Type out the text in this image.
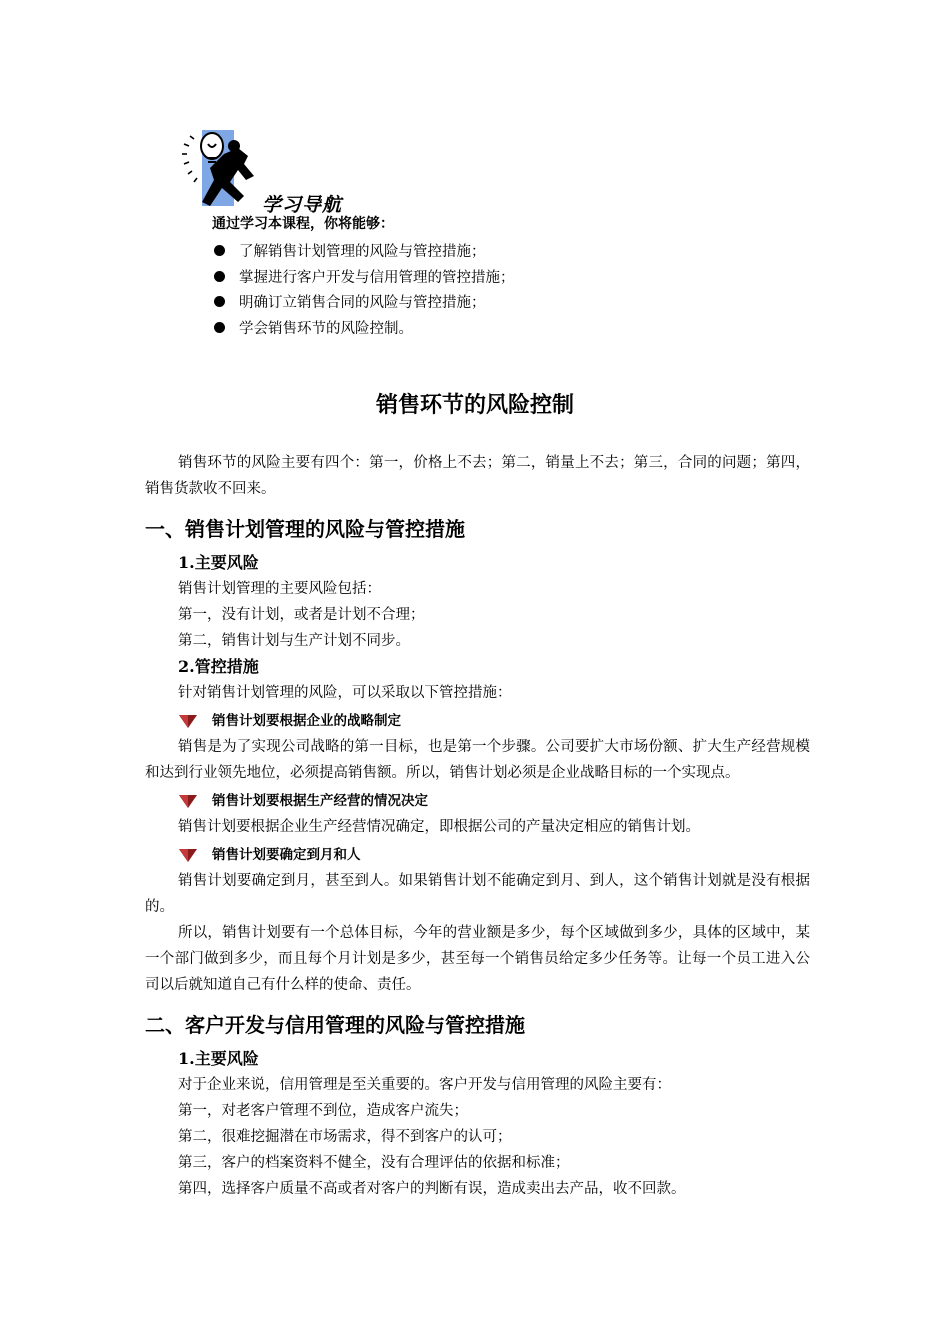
学习导航
通过学习本课程，你将能够：
了解销售计划管理的风险与管控措施；
掌握进行客户开发与信用管理的管控措施；
明确订立销售合同的风险与管控措施；
学会销售环节的风险控制。
销售环节的风险控制

销售环节的风险主要有四个：第一，价格上不去；第二，销量上不去；第三，合同的问题；第四，销售货款收不回来。

一、销售计划管理的风险与管控措施
1.主要风险

销售计划管理的主要风险包括：

第一，没有计划，或者是计划不合理；

第二，销售计划与生产计划不同步。

2.管控措施

针对销售计划管理的风险，可以采取以下管控措施：

销售计划要根据企业的战略制定

销售是为了实现公司战略的第一目标，也是第一个步骤。公司要扩大市场份额、扩大生产经营规模和达到行业领先地位，必须提高销售额。所以，销售计划必须是企业战略目标的一个实现点。

销售计划要根据生产经营的情况决定

销售计划要根据企业生产经营情况确定，即根据公司的产量决定相应的销售计划。

销售计划要确定到月和人

销售计划要确定到月，甚至到人。如果销售计划不能确定到月、到人，这个销售计划就是没有根据的。

所以，销售计划要有一个总体目标，今年的营业额是多少，每个区域做到多少，具体的区域中，某一个部门做到多少，而且每个月计划是多少，甚至每一个销售员给定多少任务等。让每一个员工进入公司以后就知道自己有什么样的使命、责任。

二、客户开发与信用管理的风险与管控措施
1.主要风险

对于企业来说，信用管理是至关重要的。客户开发与信用管理的风险主要有：

第一，对老客户管理不到位，造成客户流失；

第二，很难挖掘潜在市场需求，得不到客户的认可；

第三，客户的档案资料不健全，没有合理评估的依据和标准；

第四，选择客户质量不高或者对客户的判断有误，造成卖出去产品，收不回款。
